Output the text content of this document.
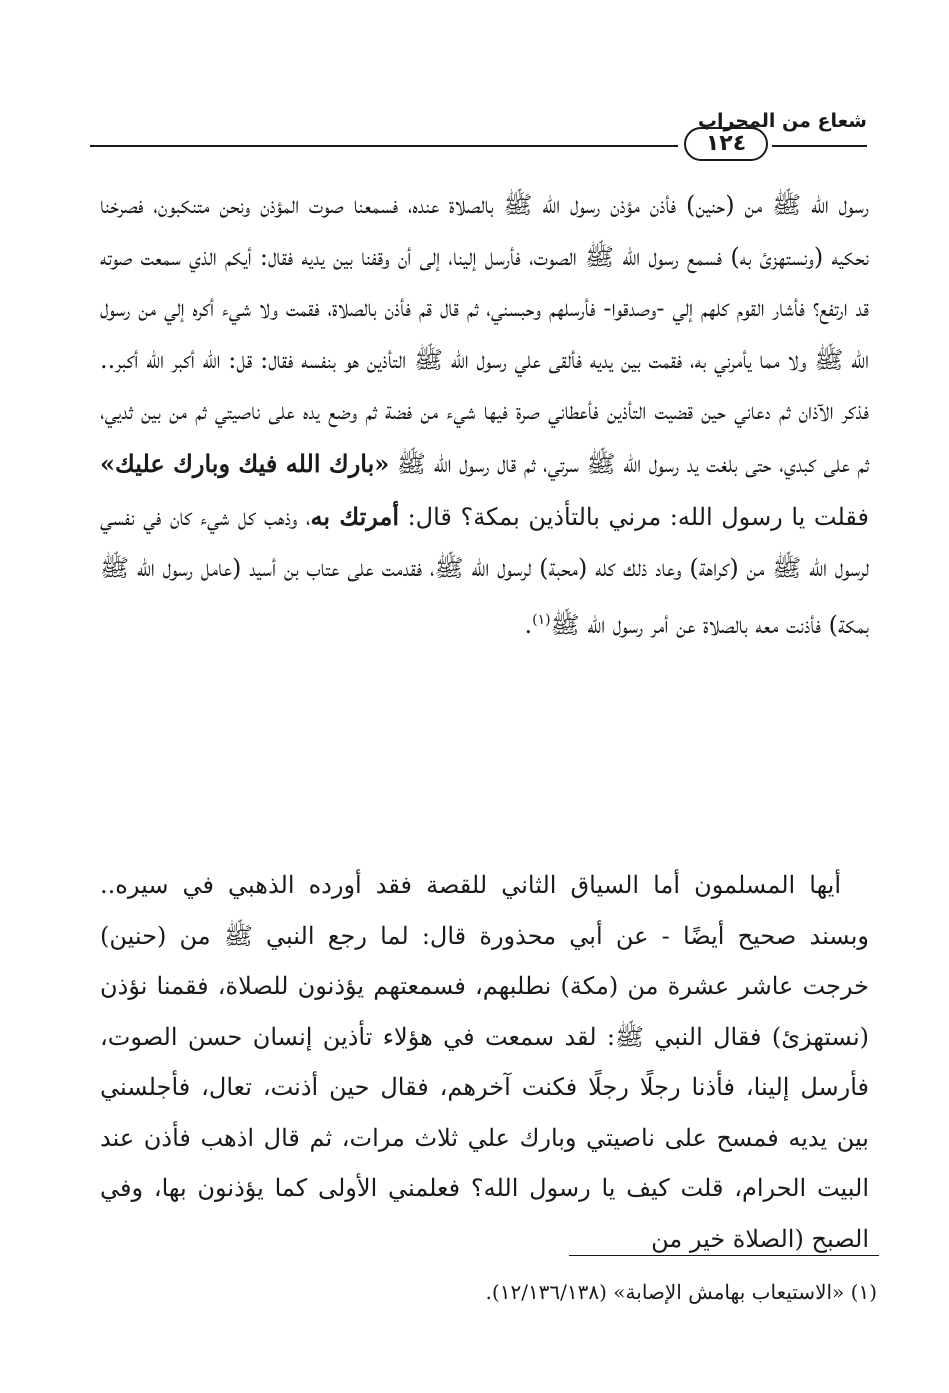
شعاع من المحراب
١٢٤

رسول الله ﷺ من (حنين) فأذن مؤذن رسول الله ﷺ بالصلاة عنده، فسمعنا صوت المؤذن ونحن متنكبون، فصرخنا نحكيه (ونستهزئ به) فسمع رسول الله ﷺ الصوت، فأرسل إلينا، إلى أن وقفنا بين يديه فقال: أيكم الذي سمعت صوته قد ارتفع؟ فأشار القوم كلهم إلي -وصدقوا- فأرسلهم وحبسني، ثم قال قم فأذن بالصلاة، فقمت ولا شيء أكره إلي من رسول الله ﷺ ولا مما يأمرني به، فقمت بين يديه فألقى علي رسول الله ﷺ التأذين هو بنفسه فقال: قل: الله أكبر الله أكبر.. فذكر الآذان ثم دعاني حين قضيت التأذين فأعطاني صرة فيها شيء من فضة ثم وضع يده على ناصيتي ثم من بين ثديي، ثم على كبدي، حتى بلغت يد رسول الله ﷺ سرتي، ثم قال رسول الله ﷺ «بارك الله فيك وبارك عليك» فقلت يا رسول الله: مرني بالتأذين بمكة؟ قال: أمرتك به، وذهب كل شيء كان في نفسي لرسول الله ﷺ من (كراهة) وعاد ذلك كله (محبة) لرسول الله ﷺ، فقدمت على عتاب بن أسيد (عامل رسول الله ﷺ بمكة) فأذنت معه بالصلاة عن أمر رسول الله ﷺ$^{(١)}$.

أيها المسلمون أما السياق الثاني للقصة فقد أورده الذهبي في سيره.. وبسند صحيح أيضًا - عن أبي محذورة قال: لما رجع النبي ﷺ من (حنين) خرجت عاشر عشرة من (مكة) نطلبهم، فسمعتهم يؤذنون للصلاة، فقمنا نؤذن (نستهزئ) فقال النبي ﷺ: لقد سمعت في هؤلاء تأذين إنسان حسن الصوت، فأرسل إلينا، فأذنا رجلًا رجلًا فكنت آخرهم، فقال حين أذنت، تعال، فأجلسني بين يديه فمسح على ناصيتي وبارك علي ثلاث مرات، ثم قال اذهب فأذن عند البيت الحرام، قلت كيف يا رسول الله؟ فعلمني الأولى كما يؤذنون بها، وفي الصبح (الصلاة خير من
(١) «الاستيعاب بهامش الإصابة» (١٢/١٣٦/١٣٨).
